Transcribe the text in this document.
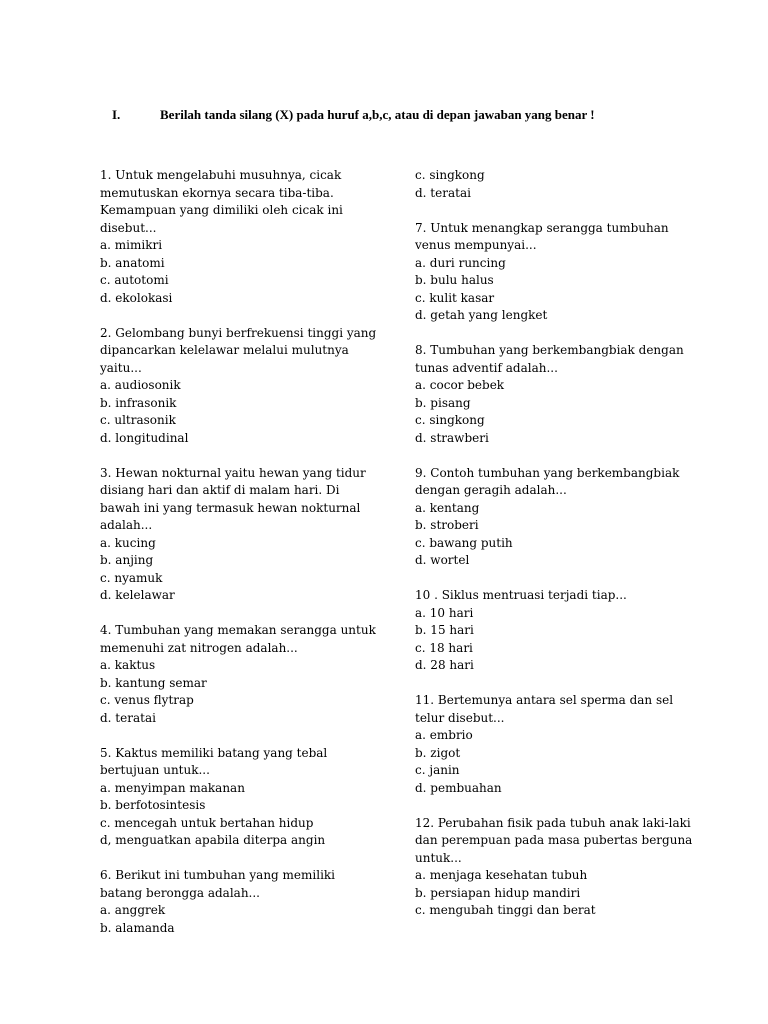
I.	Berilah tanda silang (X) pada huruf a,b,c, atau di depan jawaban yang benar !
1. Untuk mengelabuhi musuhnya, cicak memutuskan ekornya secara tiba-tiba. Kemampuan yang dimiliki oleh cicak ini disebut...
a. mimikri
b. anatomi
c. autotomi
d. ekolokasi
2. Gelombang bunyi berfrekuensi tinggi yang dipancarkan kelelawar melalui mulutnya yaitu...
a. audiosonik
b. infrasonik
c. ultrasonik
d. longitudinal
3. Hewan nokturnal yaitu hewan yang tidur disiang hari dan aktif di malam hari. Di bawah ini yang termasuk hewan nokturnal adalah...
a. kucing
b. anjing
c. nyamuk
d. kelelawar
4. Tumbuhan yang memakan serangga untuk memenuhi zat nitrogen adalah...
a. kaktus
b. kantung semar
c. venus flytrap
d. teratai
5. Kaktus memiliki batang yang tebal bertujuan untuk...
a. menyimpan makanan
b. berfotosintesis
c. mencegah untuk bertahan hidup
d, menguatkan apabila diterpa angin
6. Berikut ini tumbuhan yang memiliki batang berongga adalah...
a. anggrek
b. alamanda
c. singkong
d. teratai
7. Untuk menangkap serangga tumbuhan venus mempunyai...
a. duri runcing
b. bulu halus
c. kulit kasar
d. getah yang lengket
8. Tumbuhan yang berkembangbiak dengan tunas adventif adalah...
a. cocor bebek
b. pisang
c. singkong
d. strawberi
9. Contoh tumbuhan yang berkembangbiak dengan geragih adalah...
a. kentang
b. stroberi
c. bawang putih
d. wortel
10 . Siklus mentruasi terjadi tiap...
a. 10 hari
b. 15 hari
c. 18 hari
d. 28 hari
11. Bertemunya antara sel sperma dan sel telur disebut...
a. embrio
b. zigot
c. janin
d. pembuahan
12. Perubahan fisik pada tubuh anak laki-laki dan perempuan pada masa pubertas berguna untuk...
a. menjaga kesehatan tubuh
b. persiapan hidup mandiri
c. mengubah tinggi dan berat
